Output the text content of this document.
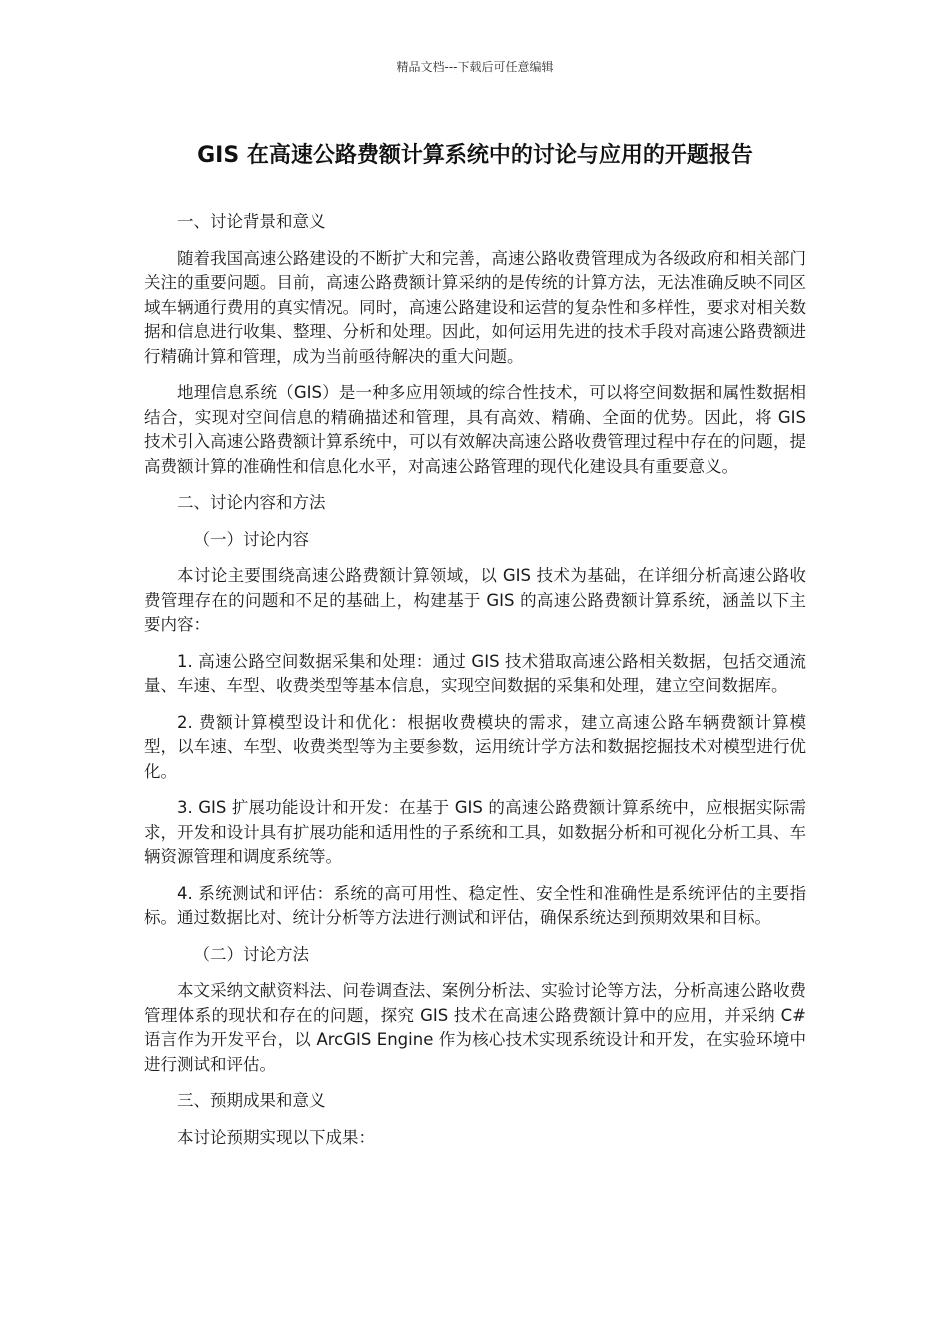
精品文档---下载后可任意编辑
GIS 在高速公路费额计算系统中的讨论与应用的开题报告

一、讨论背景和意义

随着我国高速公路建设的不断扩大和完善，高速公路收费管理成为各级政府和相关部门关注的重要问题。目前，高速公路费额计算采纳的是传统的计算方法，无法准确反映不同区域车辆通行费用的真实情况。同时，高速公路建设和运营的复杂性和多样性，要求对相关数据和信息进行收集、整理、分析和处理。因此，如何运用先进的技术手段对高速公路费额进行精确计算和管理，成为当前亟待解决的重大问题。

地理信息系统（GIS）是一种多应用领域的综合性技术，可以将空间数据和属性数据相结合，实现对空间信息的精确描述和管理，具有高效、精确、全面的优势。因此，将 GIS 技术引入高速公路费额计算系统中，可以有效解决高速公路收费管理过程中存在的问题，提高费额计算的准确性和信息化水平，对高速公路管理的现代化建设具有重要意义。

二、讨论内容和方法

（一）讨论内容

本讨论主要围绕高速公路费额计算领域，以 GIS 技术为基础，在详细分析高速公路收费管理存在的问题和不足的基础上，构建基于 GIS 的高速公路费额计算系统，涵盖以下主要内容：

1. 高速公路空间数据采集和处理：通过 GIS 技术猎取高速公路相关数据，包括交通流量、车速、车型、收费类型等基本信息，实现空间数据的采集和处理，建立空间数据库。

2. 费额计算模型设计和优化：根据收费模块的需求，建立高速公路车辆费额计算模型，以车速、车型、收费类型等为主要参数，运用统计学方法和数据挖掘技术对模型进行优化。

3. GIS 扩展功能设计和开发：在基于 GIS 的高速公路费额计算系统中，应根据实际需求，开发和设计具有扩展功能和适用性的子系统和工具，如数据分析和可视化分析工具、车辆资源管理和调度系统等。

4. 系统测试和评估：系统的高可用性、稳定性、安全性和准确性是系统评估的主要指标。通过数据比对、统计分析等方法进行测试和评估，确保系统达到预期效果和目标。

（二）讨论方法

本文采纳文献资料法、问卷调查法、案例分析法、实验讨论等方法，分析高速公路收费管理体系的现状和存在的问题，探究 GIS 技术在高速公路费额计算中的应用，并采纳 C#语言作为开发平台，以 ArcGIS Engine 作为核心技术实现系统设计和开发，在实验环境中进行测试和评估。

三、预期成果和意义

本讨论预期实现以下成果：
